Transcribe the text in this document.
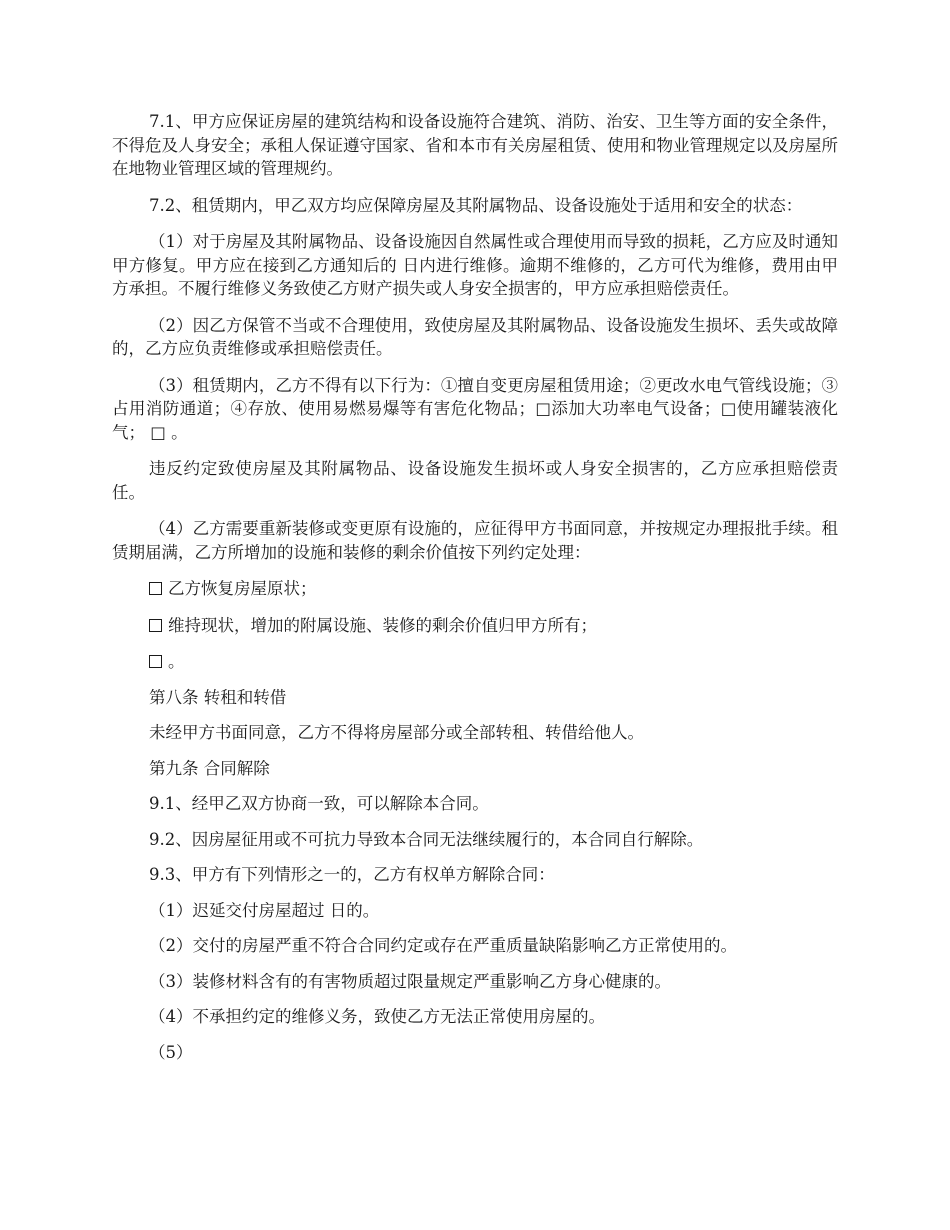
7.1、甲方应保证房屋的建筑结构和设备设施符合建筑、消防、治安、卫生等方面的安全条件，不得危及人身安全；承租人保证遵守国家、省和本市有关房屋租赁、使用和物业管理规定以及房屋所在地物业管理区域的管理规约。

7.2、租赁期内，甲乙双方均应保障房屋及其附属物品、设备设施处于适用和安全的状态：

（1）对于房屋及其附属物品、设备设施因自然属性或合理使用而导致的损耗，乙方应及时通知甲方修复。甲方应在接到乙方通知后的 日内进行维修。逾期不维修的，乙方可代为维修，费用由甲方承担。不履行维修义务致使乙方财产损失或人身安全损害的，甲方应承担赔偿责任。

（2）因乙方保管不当或不合理使用，致使房屋及其附属物品、设备设施发生损坏、丢失或故障的，乙方应负责维修或承担赔偿责任。

（3）租赁期内，乙方不得有以下行为：①擅自变更房屋租赁用途；②更改水电气管线设施；③占用消防通道；④存放、使用易燃易爆等有害危化物品；□添加大功率电气设备；□使用罐装液化气； □ 。

违反约定致使房屋及其附属物品、设备设施发生损坏或人身安全损害的，乙方应承担赔偿责任。

（4）乙方需要重新装修或变更原有设施的，应征得甲方书面同意，并按规定办理报批手续。租赁期届满，乙方所增加的设施和装修的剩余价值按下列约定处理：

乙方恢复房屋原状；
维持现状，增加的附属设施、装修的剩余价值归甲方所有；
。

第八条 转租和转借

未经甲方书面同意，乙方不得将房屋部分或全部转租、转借给他人。

第九条 合同解除

9.1、经甲乙双方协商一致，可以解除本合同。

9.2、因房屋征用或不可抗力导致本合同无法继续履行的，本合同自行解除。

9.3、甲方有下列情形之一的，乙方有权单方解除合同：

（1）迟延交付房屋超过 日的。

（2）交付的房屋严重不符合合同约定或存在严重质量缺陷影响乙方正常使用的。

（3）装修材料含有的有害物质超过限量规定严重影响乙方身心健康的。

（4）不承担约定的维修义务，致使乙方无法正常使用房屋的。

（5）
